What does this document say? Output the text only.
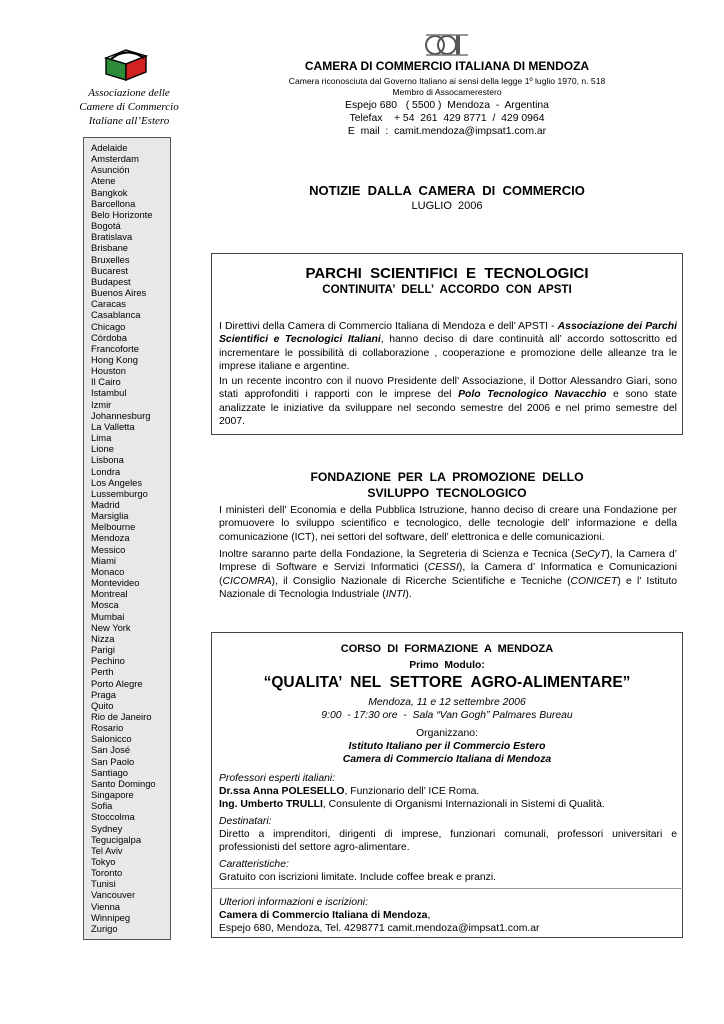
Associazione delle
Camere di Commercio
Italiane all’Estero
Adelaide
Amsterdam
Asunción
Atene
Bangkok
Barcellona
Belo Horizonte
Bogotá
Bratislava
Brisbane
Bruxelles
Bucarest
Budapest
Buenos Aires
Caracas
Casablanca
Chicago
Córdoba
Francoforte
Hong Kong
Houston
Il Cairo
Istambul
Izmir
Johannesburg
La Valletta
Lima
Lione
Lisbona
Londra
Los Angeles
Lussemburgo
Madrid
Marsiglia
Melbourne
Mendoza
Messico
Miami
Monaco
Montevideo
Montreal
Mosca
Mumbai
New York
Nizza
Parigi
Pechino
Perth
Porto Alegre
Praga
Quito
Rio de Janeiro
Rosario
Salonicco
San José
San Paolo
Santiago
Santo Domingo
Singapore
Sofia
Stoccolma
Sydney
Tegucigalpa
Tel Aviv
Tokyo
Toronto
Tunisi
Vancouver
Vienna
Winnipeg
Zurigo
CAMERA DI COMMERCIO ITALIANA DI MENDOZA
Camera riconosciuta dal Governo Italiano ai sensi della legge 1º luglio 1970, n. 518
Membro di Assocamerestero
Espejo 680   ( 5500 )  Mendoza  -  Argentina
Telefax    + 54  261  429 8771  /  429 0964
E  mail  :  camit.mendoza@impsat1.com.ar
NOTIZIE  DALLA  CAMERA  DI  COMMERCIO
LUGLIO  2006
PARCHI  SCIENTIFICI  E  TECNOLOGICI
CONTINUITA’  DELL’  ACCORDO  CON  APSTI
I Direttivi della Camera di Commercio Italiana di Mendoza e dell’ APSTI - Associazione dei Parchi Scientifici e Tecnologici Italiani, hanno deciso di dare continuità all’ accordo sottoscritto ed incrementare le possibilità di collaborazione , cooperazione e promozione delle alleanze tra le imprese italiane e argentine.
In un recente incontro con il nuovo Presidente dell’ Associazione, il Dottor Alessandro Giari, sono stati approfonditi i rapporti con le imprese del Polo Tecnologico Navacchio e sono state analizzate le iniziative da sviluppare nel secondo semestre del 2006 e nel primo semestre del 2007.
FONDAZIONE  PER  LA  PROMOZIONE  DELLO
SVILUPPO  TECNOLOGICO
I ministeri dell’ Economia e della Pubblica Istruzione, hanno deciso di creare una Fondazione per promuovere lo sviluppo scientifico e tecnologico, delle tecnologie dell’ informazione e della comunicazione (ICT), nei settori del software, dell’ elettronica e delle comunicazioni.
Inoltre saranno parte della Fondazione, la Segreteria di Scienza e Tecnica (SeCyT), la Camera d’ Imprese di Software e Servizi Informatici (CESSI), la Camera d’ Informatica e Comunicazioni (CICOMRA), il Consiglio Nazionale di Ricerche Scientifiche e Tecniche (CONICET) e l’ Istituto Nazionale di Tecnologia Industriale (INTI).
CORSO  DI  FORMAZIONE  A  MENDOZA
Primo  Modulo:
“QUALITA’  NEL  SETTORE  AGRO-ALIMENTARE”
Mendoza, 11 e 12 settembre 2006
9:00  - 17:30 ore  -  Sala “Van Gogh” Palmares Bureau
Organizzano:
Istituto Italiano per il Commercio Estero
Camera di Commercio Italiana di Mendoza
Professori esperti italiani:
Dr.ssa Anna POLESELLO, Funzionario dell’ ICE Roma.
Ing. Umberto TRULLI, Consulente di Organismi Internazionali in Sistemi di Qualità.
Destinatari:
Diretto a imprenditori, dirigenti di imprese, funzionari comunali, professori universitari e professionisti del settore agro-alimentare.
Caratteristiche:
Gratuito con iscrizioni limitate. Include coffee break e pranzi.
Ulteriori informazioni e iscrizioni:
Camera di Commercio Italiana di Mendoza,
Espejo 680, Mendoza, Tel. 4298771 camit.mendoza@impsat1.com.ar
